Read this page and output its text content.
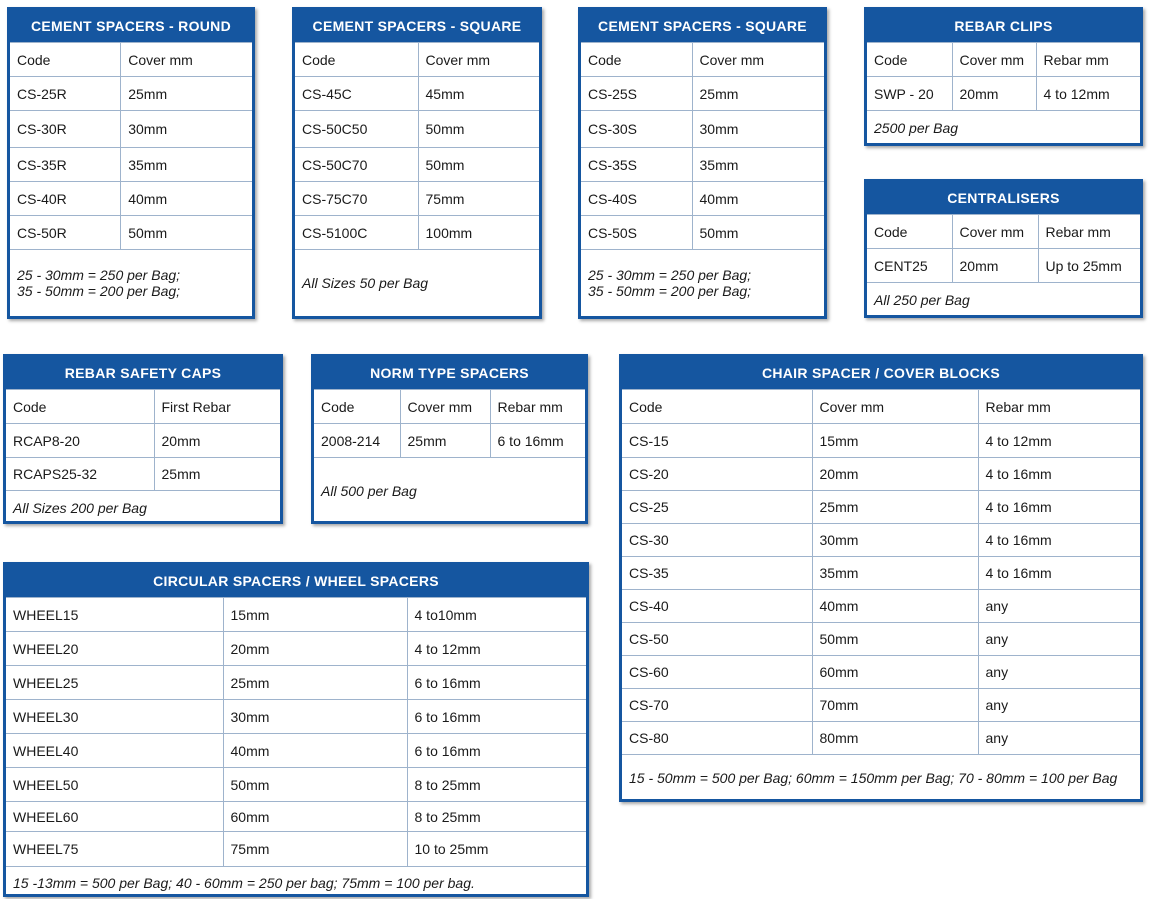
CEMENT SPACERS - ROUND
Code	Cover mm
CS-25R	25mm
CS-30R	30mm
CS-35R	35mm
CS-40R	40mm
CS-50R	50mm
25 - 30mm = 250 per Bag;
35 - 50mm = 200 per Bag;
CEMENT SPACERS - SQUARE
Code	Cover mm
CS-45C	45mm
CS-50C50	50mm
CS-50C70	50mm
CS-75C70	75mm
CS-5100C	100mm
All Sizes 50 per Bag
CEMENT SPACERS - SQUARE
Code	Cover mm
CS-25S	25mm
CS-30S	30mm
CS-35S	35mm
CS-40S	40mm
CS-50S	50mm
25 - 30mm = 250 per Bag;
35 - 50mm = 200 per Bag;
REBAR CLIPS
Code	Cover mm	Rebar mm
SWP - 20	20mm	4 to 12mm
2500 per Bag
CENTRALISERS
Code	Cover mm	Rebar mm
CENT25	20mm	Up to 25mm
All 250 per Bag
REBAR SAFETY CAPS
Code	First Rebar
RCAP8-20	20mm
RCAPS25-32	25mm
All Sizes 200 per Bag
NORM TYPE SPACERS
Code	Cover mm	Rebar mm
2008-214	25mm	6 to 16mm
All 500 per Bag
CHAIR SPACER / COVER BLOCKS
Code	Cover mm	Rebar mm
CS-15	15mm	4 to 12mm
CS-20	20mm	4 to 16mm
CS-25	25mm	4 to 16mm
CS-30	30mm	4 to 16mm
CS-35	35mm	4 to 16mm
CS-40	40mm	any
CS-50	50mm	any
CS-60	60mm	any
CS-70	70mm	any
CS-80	80mm	any
15 - 50mm = 500 per Bag; 60mm = 150mm per Bag; 70 - 80mm = 100 per Bag
CIRCULAR SPACERS / WHEEL SPACERS
WHEEL15	15mm	4 to10mm
WHEEL20	20mm	4 to 12mm
WHEEL25	25mm	6 to 16mm
WHEEL30	30mm	6 to 16mm
WHEEL40	40mm	6 to 16mm
WHEEL50	50mm	8 to 25mm
WHEEL60	60mm	8 to 25mm
WHEEL75	75mm	10 to 25mm
15 -13mm = 500 per Bag; 40 - 60mm = 250 per bag; 75mm = 100 per bag.
